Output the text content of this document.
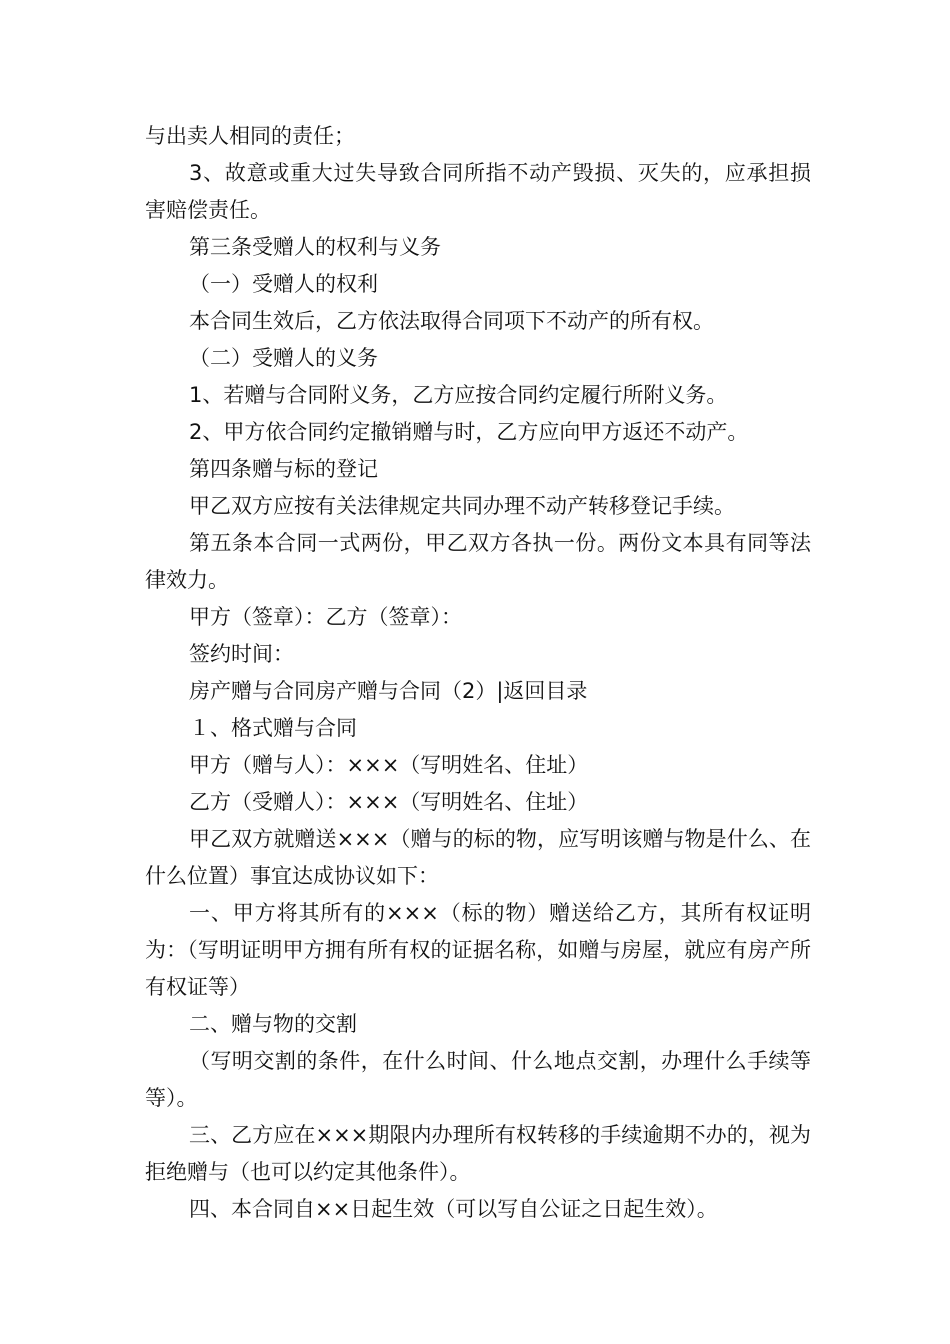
与出卖人相同的责任；

3、故意或重大过失导致合同所指不动产毁损、灭失的，应承担损害赔偿责任。

第三条受赠人的权利与义务

（一）受赠人的权利

本合同生效后，乙方依法取得合同项下不动产的所有权。

（二）受赠人的义务

1、若赠与合同附义务，乙方应按合同约定履行所附义务。

2、甲方依合同约定撤销赠与时，乙方应向甲方返还不动产。

第四条赠与标的登记

甲乙双方应按有关法律规定共同办理不动产转移登记手续。

第五条本合同一式两份，甲乙双方各执一份。两份文本具有同等法律效力。

甲方（签章）：乙方（签章）：

签约时间：

房产赠与合同房产赠与合同（2）|返回目录

１、格式赠与合同

甲方（赠与人）：×××（写明姓名、住址）

乙方（受赠人）：×××（写明姓名、住址）

甲乙双方就赠送×××（赠与的标的物，应写明该赠与物是什么、在什么位置）事宜达成协议如下：

一、甲方将其所有的×××（标的物）赠送给乙方，其所有权证明为：（写明证明甲方拥有所有权的证据名称，如赠与房屋，就应有房产所有权证等）

二、赠与物的交割

（写明交割的条件，在什么时间、什么地点交割，办理什么手续等等）。

三、乙方应在×××期限内办理所有权转移的手续逾期不办的，视为拒绝赠与（也可以约定其他条件）。

四、本合同自××日起生效（可以写自公证之日起生效）。
